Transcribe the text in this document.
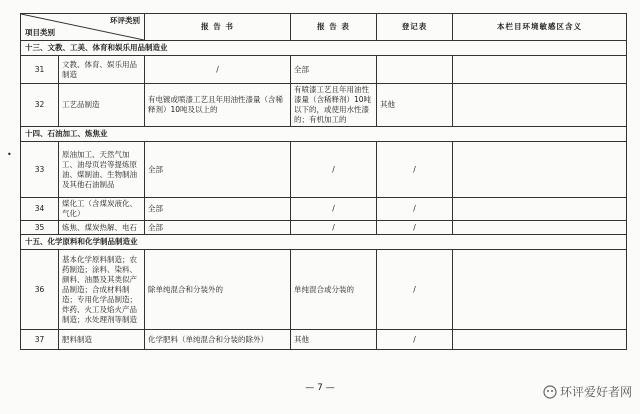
环评类别
项目类别		报 告 书	报 告 表	登记表	本栏目环境敏感区含义
十三、文教、工美、体育和娱乐用品制造业					
31	文教、体育、娱乐用品制造	/	全部		
32	工艺品制造	有电镀或喷漆工艺且年用油性漆量（含稀释剂）10吨及以上的	有喷漆工艺且年用油性漆量（含稀释剂）10吨以下的，或使用水性漆的；有机加工的	其他	
十四、石油加工、炼焦业					
33	原油加工、天然气加工、油母页岩等提炼原油、煤制油、生物制油及其他石油制品	全部	/	/	
34	煤化工（含煤炭液化、气化）	全部	/	/	
35	炼焦、煤炭热解、电石	全部	/	/	
十五、化学原料和化学制品制造业					
36	基本化学原料制造；农药制造；涂料、染料、颜料、油墨及其类似产品制造；合成材料制造；专用化学品制造；炸药、火工及焰火产品制造；水处理剂等制造	除单纯混合和分装外的	单纯混合或分装的	/	
37	肥料制造	化学肥料（单纯混合和分装的除外）	其他	/	
•
— 7 —	环评爱好者网
